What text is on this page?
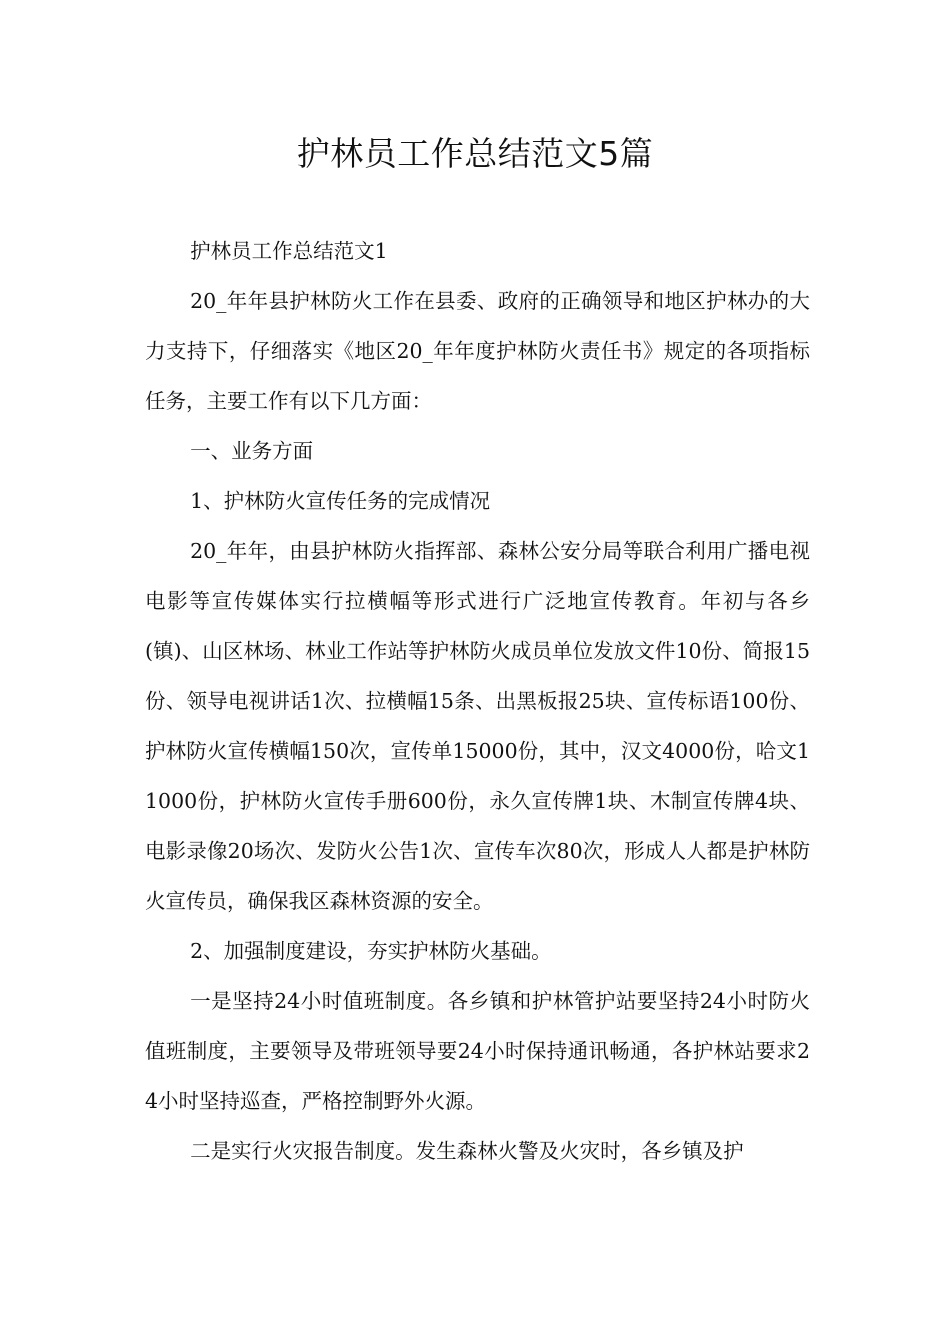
护林员工作总结范文5篇

护林员工作总结范文1

20_年年县护林防火工作在县委、政府的正确领导和地区护林办的大力支持下，仔细落实《地区20_年年度护林防火责任书》规定的各项指标任务，主要工作有以下几方面：

一、业务方面

1、护林防火宣传任务的完成情况

20_年年，由县护林防火指挥部、森林公安分局等联合利用广播电视电影等宣传媒体实行拉横幅等形式进行广泛地宣传教育。年初与各乡(镇)、山区林场、林业工作站等护林防火成员单位发放文件10份、简报15份、领导电视讲话1次、拉横幅15条、出黑板报25块、宣传标语100份、护林防火宣传横幅150次，宣传单15000份，其中，汉文4000份，哈文11000份，护林防火宣传手册600份，永久宣传牌1块、木制宣传牌4块、电影录像20场次、发防火公告1次、宣传车次80次，形成人人都是护林防火宣传员，确保我区森林资源的安全。

2、加强制度建设，夯实护林防火基础。

一是坚持24小时值班制度。各乡镇和护林管护站要坚持24小时防火值班制度，主要领导及带班领导要24小时保持通讯畅通，各护林站要求24小时坚持巡查，严格控制野外火源。

二是实行火灾报告制度。发生森林火警及火灾时，各乡镇及护
